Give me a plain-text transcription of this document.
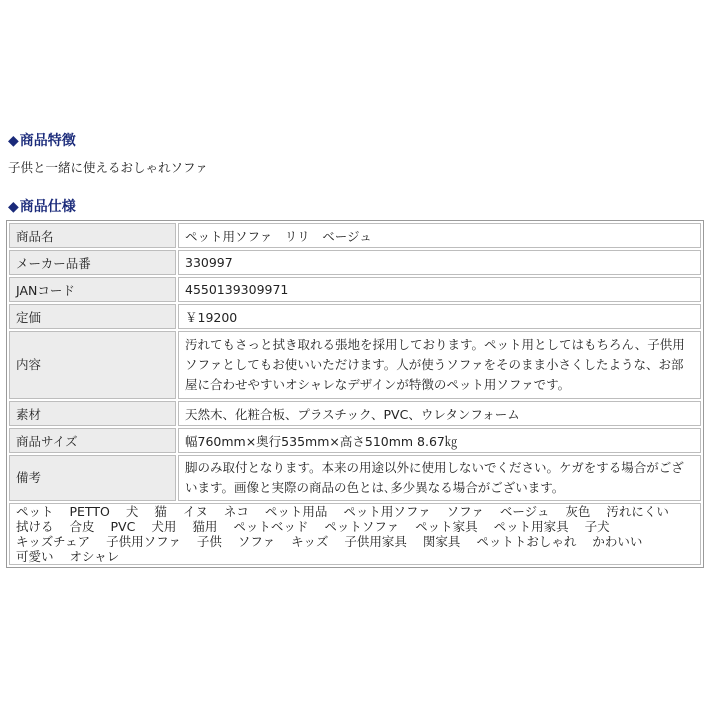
◆商品特徴

子供と一緒に使えるおしゃれソファ

◆商品仕様
商品名	ペット用ソファ　リリ　ベージュ
メーカー品番	330997
JANコード	4550139309971
定価	￥19200
内容	汚れてもさっと拭き取れる張地を採用しております。ペット用としてはもちろん、子供用ソファとしてもお使いいただけます。人が使うソファをそのまま小さくしたような、お部屋に合わせやすいオシャレなデザインが特徴のペット用ソファです。
素材	天然木、化粧合板、プラスチック、PVC、ウレタンフォーム
商品サイズ	幅760mm×奥行535mm×高さ510mm 8.67㎏
備考	脚のみ取付となります。本来の用途以外に使用しないでください。ケガをする場合がございます。画像と実際の商品の色とは､多少異なる場合がございます。
ペット PETTO 犬 猫 イヌ ネコ ペット用品 ペット用ソファ ソファ ベージュ 灰色 汚れにくい 拭ける 合皮 PVC 犬用 猫用 ペットベッド ペットソファ ペット家具 ペット用家具 子犬 キッズチェア 子供用ソファ 子供 ソファ キッズ 子供用家具 関家具 ペットトおしゃれ かわいい 可愛い オシャレ	
